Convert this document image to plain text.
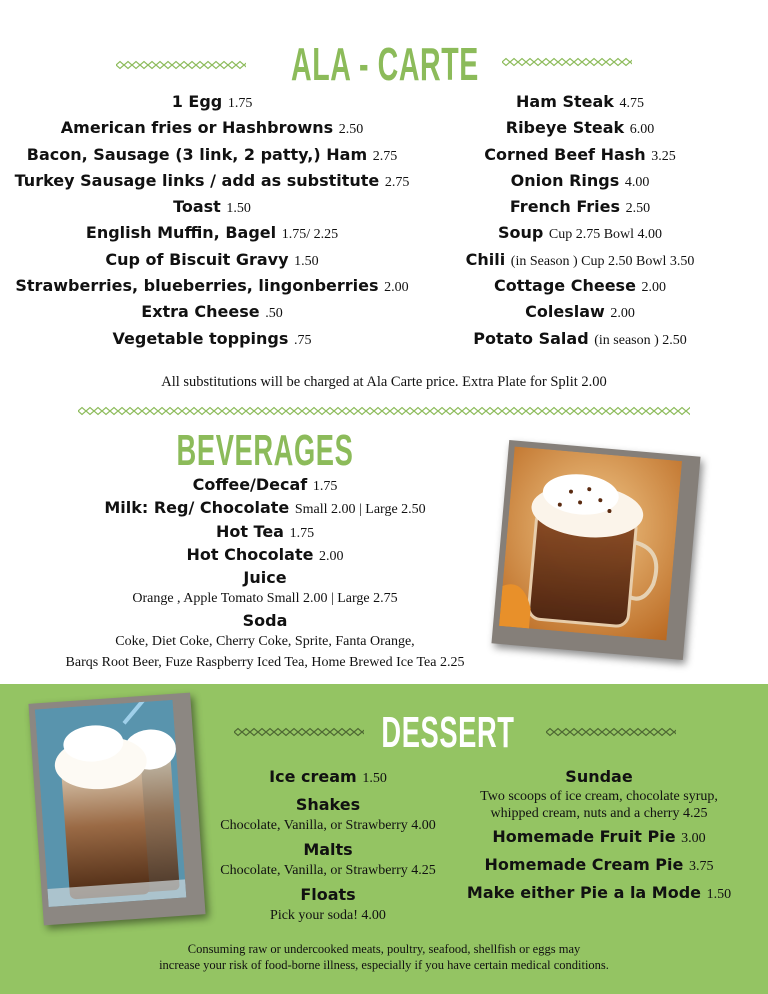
ALA - CARTE
1 Egg 1.75
American fries or Hashbrowns 2.50
Bacon, Sausage (3 link, 2 patty,) Ham 2.75
Turkey Sausage links / add as substitute 2.75
Toast 1.50
English Muffin, Bagel 1.75/ 2.25
Cup of Biscuit Gravy 1.50
Strawberries, blueberries, lingonberries 2.00
Extra Cheese .50
Vegetable toppings .75
Ham Steak 4.75
Ribeye Steak 6.00
Corned Beef Hash 3.25
Onion Rings 4.00
French Fries 2.50
Soup Cup 2.75 Bowl 4.00
Chili (in Season ) Cup 2.50 Bowl 3.50
Cottage Cheese 2.00
Coleslaw 2.00
Potato Salad (in season ) 2.50
All substitutions will be charged at Ala Carte price. Extra Plate for Split 2.00
BEVERAGES
Coffee/Decaf 1.75
Milk: Reg/ Chocolate Small 2.00 | Large 2.50
Hot Tea 1.75
Hot Chocolate 2.00
Juice
Orange , Apple Tomato Small 2.00 | Large 2.75
Soda
Coke, Diet Coke, Cherry Coke, Sprite, Fanta Orange,
Barqs Root Beer, Fuze Raspberry Iced Tea, Home Brewed Ice Tea 2.25
DESSERT
Ice cream 1.50
Shakes
Chocolate, Vanilla, or Strawberry 4.00
Malts
Chocolate, Vanilla, or Strawberry 4.25
Floats
Pick your soda! 4.00
Sundae
Two scoops of ice cream, chocolate syrup,
whipped cream, nuts and a cherry 4.25
Homemade Fruit Pie 3.00
Homemade Cream Pie 3.75
Make either Pie a la Mode 1.50
Consuming raw or undercooked meats, poultry, seafood, shellfish or eggs may
increase your risk of food-borne illness, especially if you have certain medical conditions.
